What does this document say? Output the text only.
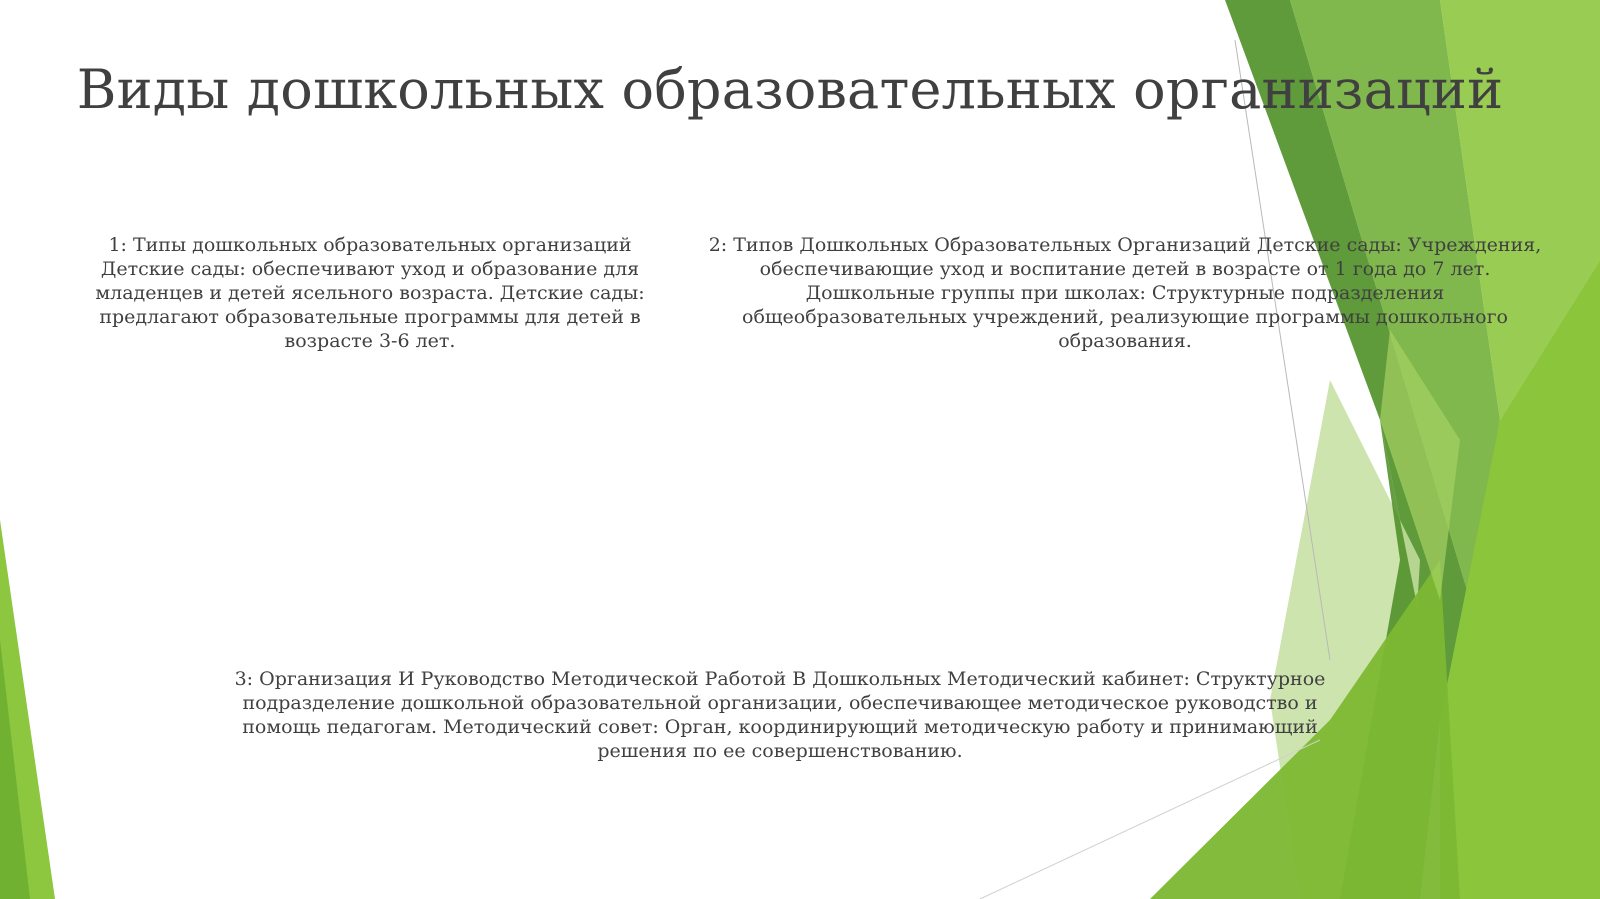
Виды дошкольных образовательных организаций

1: Типы дошкольных образовательных организаций Детские сады: обеспечивают уход и образование для младенцев и детей ясельного возраста. Детские сады: предлагают образовательные программы для детей в возрасте 3-6 лет.

2: Типов Дошкольных Образовательных Организаций Детские сады: Учреждения, обеспечивающие уход и воспитание детей в возрасте от 1 года до 7 лет. Дошкольные группы при школах: Структурные подразделения общеобразовательных учреждений, реализующие программы дошкольного образования.

3: Организация И Руководство Методической Работой В Дошкольных Методический кабинет: Структурное подразделение дошкольной образовательной организации, обеспечивающее методическое руководство и помощь педагогам. Методический совет: Орган, координирующий методическую работу и принимающий решения по ее совершенствованию.
